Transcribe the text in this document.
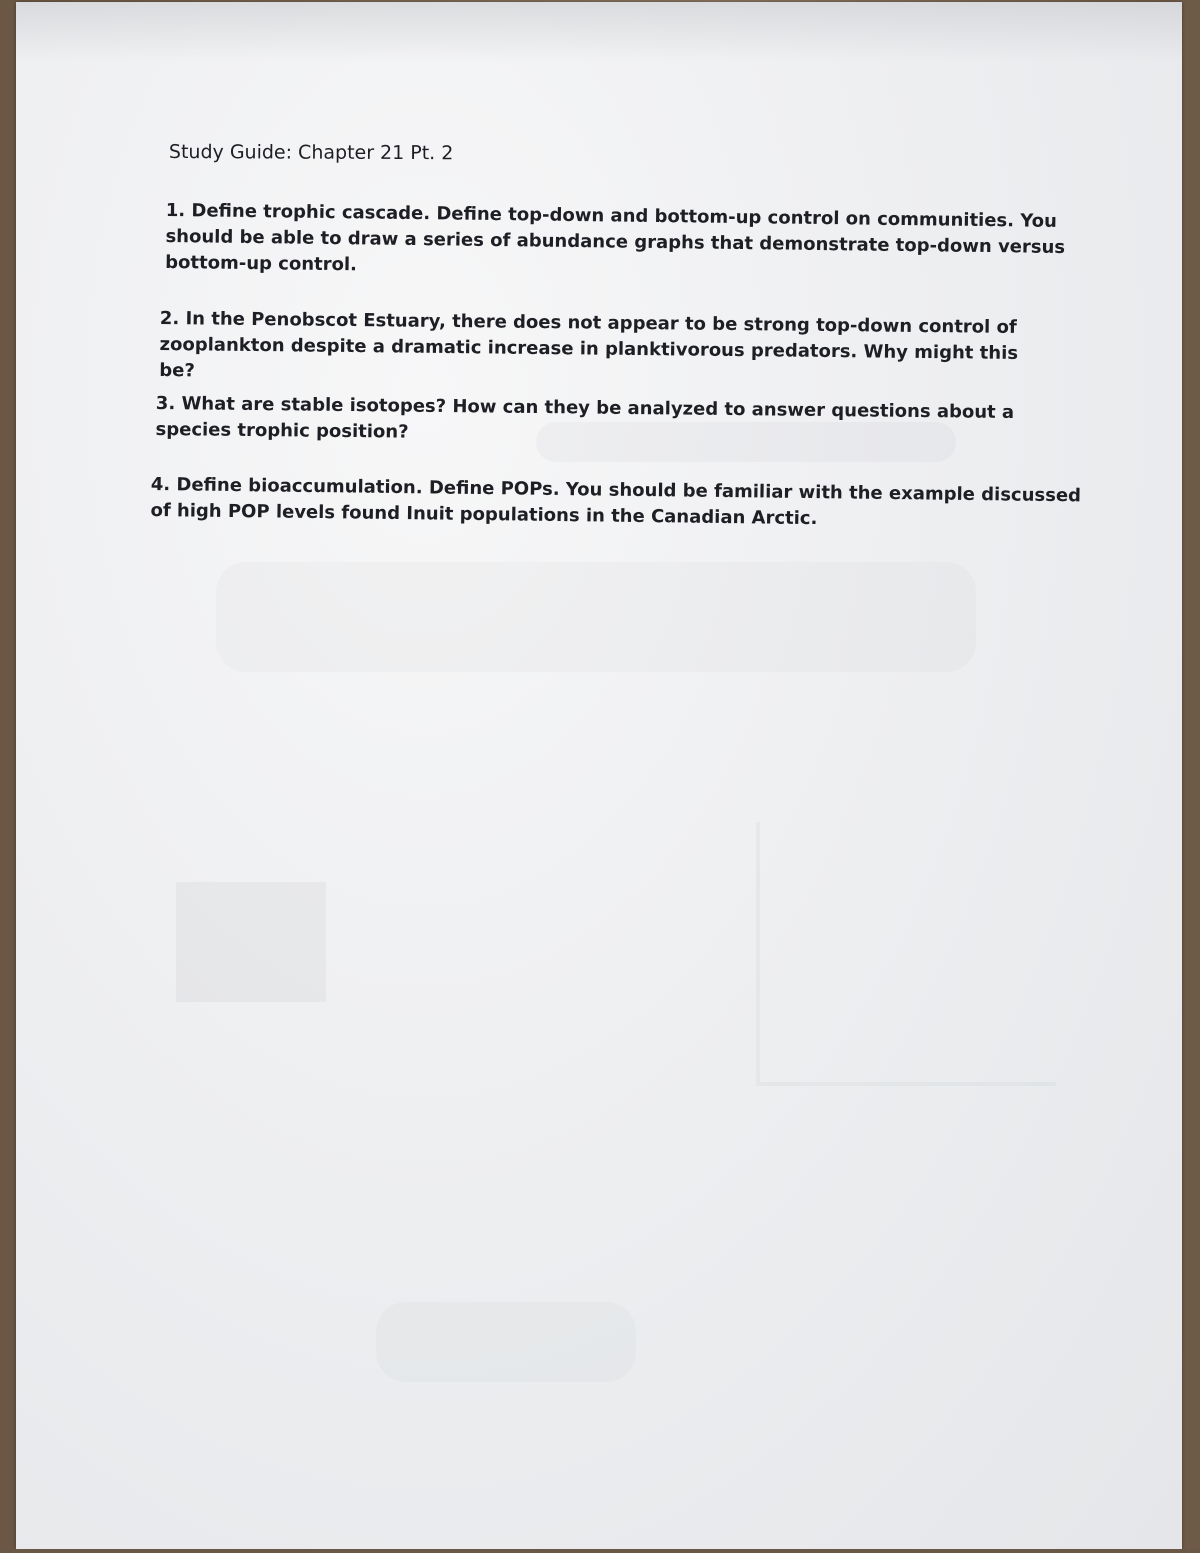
Study Guide: Chapter 21 Pt. 2
1. Define trophic cascade. Define top-down and bottom-up control on communities. You should be able to draw a series of abundance graphs that demonstrate top-down versus bottom-up control.
2. In the Penobscot Estuary, there does not appear to be strong top-down control of zooplankton despite a dramatic increase in planktivorous predators. Why might this be?
3. What are stable isotopes? How can they be analyzed to answer questions about a species trophic position?
4. Define bioaccumulation. Define POPs. You should be familiar with the example discussed of high POP levels found Inuit populations in the Canadian Arctic.
